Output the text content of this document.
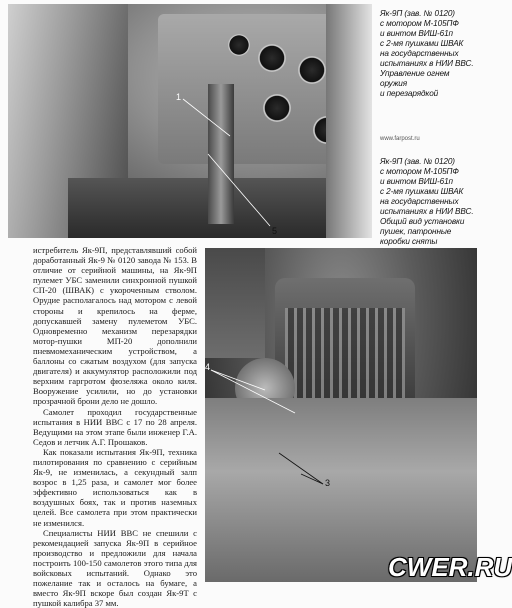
1
5
Як-9П (зав. № 0120)
с мотором М-105ПФ
и винтом ВИШ-61п
с 2-мя пушками ШВАК
на государственных
испытаниях в НИИ ВВС.
Управление огнем оружия
и перезарядкой
www.farpost.ru
Як-9П (зав. № 0120)
с мотором М-105ПФ
и винтом ВИШ-61п
с 2-мя пушками ШВАК
на государственных
испытаниях в НИИ ВВС.
Общий вид установки
пушек, патронные
коробки сняты

истребитель Як-9П, представлявший собой доработанный Як-9 № 0120 завода № 153. В отличие от серийной машины, на Як-9П пулемет УБС заменили синхронной пушкой СП-20 (ШВАК) с укороченным стволом. Орудие располагалось над мотором с левой стороны и крепилось на ферме, допускавшей замену пулеметом УБС. Одновременно механизм перезарядки мотор-пушки МП-20 дополнили пневмомеханическим устройством, а баллоны со сжатым воздухом (для запуска двигателя) и аккумулятор расположили под верхним гаргротом фюзеляжа около киля. Вооружение усилили, но до установки прозрачной брони дело не дошло.

Самолет проходил государственные испытания в НИИ ВВС с 17 по 28 апреля. Ведущими на этом этапе были инженер Г.А. Седов и летчик А.Г. Прошаков.

Как показали испытания Як-9П, техника пилотирования по сравнению с серийным Як-9, не изменилась, а секундный залп возрос в 1,25 раза, и самолет мог более эффективно использоваться как в воздушных боях, так и против наземных целей. Все самолета при этом практически не изменился.

Специалисты НИИ ВВС не спешили с рекомендацией запуска Як-9П в серийное производство и предложили для начала построить 100-150 самолетов этого типа для войсковых испытаний. Однако это пожелание так и осталось на бумаге, а вместо Як-9П вскоре был создан Як-9Т с пушкой калибра 37 мм.

4
3
CWER.RU
